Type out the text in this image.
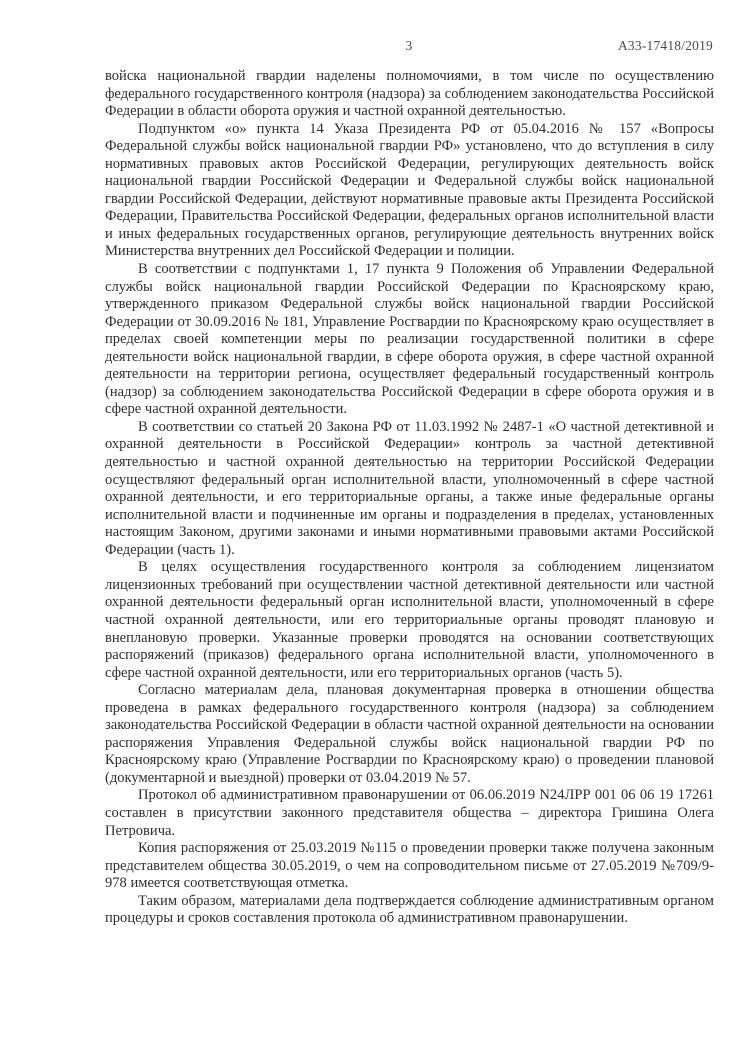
3	А33-17418/2019

войска национальной гвардии наделены полномочиями, в том числе по осуществлению федерального государственного контроля (надзора) за соблюдением законодательства Российской Федерации в области оборота оружия и частной охранной деятельностью.

Подпунктом «о» пункта 14 Указа Президента РФ от 05.04.2016 № 157 «Вопросы Федеральной службы войск национальной гвардии РФ» установлено, что до вступления в силу нормативных правовых актов Российской Федерации, регулирующих деятельность войск национальной гвардии Российской Федерации и Федеральной службы войск национальной гвардии Российской Федерации, действуют нормативные правовые акты Президента Российской Федерации, Правительства Российской Федерации, федеральных органов исполнительной власти и иных федеральных государственных органов, регулирующие деятельность внутренних войск Министерства внутренних дел Российской Федерации и полиции.

В соответствии с подпунктами 1, 17 пункта 9 Положения об Управлении Федеральной службы войск национальной гвардии Российской Федерации по Красноярскому краю, утвержденного приказом Федеральной службы войск национальной гвардии Российской Федерации от 30.09.2016 № 181, Управление Росгвардии по Красноярскому краю осуществляет в пределах своей компетенции меры по реализации государственной политики в сфере деятельности войск национальной гвардии, в сфере оборота оружия, в сфере частной охранной деятельности на территории региона, осуществляет федеральный государственный контроль (надзор) за соблюдением законодательства Российской Федерации в сфере оборота оружия и в сфере частной охранной деятельности.

В соответствии со статьей 20 Закона РФ от 11.03.1992 № 2487-1 «О частной детективной и охранной деятельности в Российской Федерации» контроль за частной детективной деятельностью и частной охранной деятельностью на территории Российской Федерации осуществляют федеральный орган исполнительной власти, уполномоченный в сфере частной охранной деятельности, и его территориальные органы, а также иные федеральные органы исполнительной власти и подчиненные им органы и подразделения в пределах, установленных настоящим Законом, другими законами и иными нормативными правовыми актами Российской Федерации (часть 1).

В целях осуществления государственного контроля за соблюдением лицензиатом лицензионных требований при осуществлении частной детективной деятельности или частной охранной деятельности федеральный орган исполнительной власти, уполномоченный в сфере частной охранной деятельности, или его территориальные органы проводят плановую и внеплановую проверки. Указанные проверки проводятся на основании соответствующих распоряжений (приказов) федерального органа исполнительной власти, уполномоченного в сфере частной охранной деятельности, или его территориальных органов (часть 5).

Согласно материалам дела, плановая документарная проверка в отношении общества проведена в рамках федерального государственного контроля (надзора) за соблюдением законодательства Российской Федерации в области частной охранной деятельности на основании распоряжения Управления Федеральной службы войск национальной гвардии РФ по Красноярскому краю (Управление Росгвардии по Красноярскому краю) о проведении плановой (документарной и выездной) проверки от 03.04.2019 № 57.

Протокол об административном правонарушении от 06.06.2019 N24ЛРР 001 06 06 19 17261 составлен в присутствии законного представителя общества – директора Гришина Олега Петровича.

Копия распоряжения от 25.03.2019 №115 о проведении проверки также получена законным представителем общества 30.05.2019, о чем на сопроводительном письме от 27.05.2019 №709/9-978 имеется соответствующая отметка.

Таким образом, материалами дела подтверждается соблюдение административным органом процедуры и сроков составления протокола об административном правонарушении.
